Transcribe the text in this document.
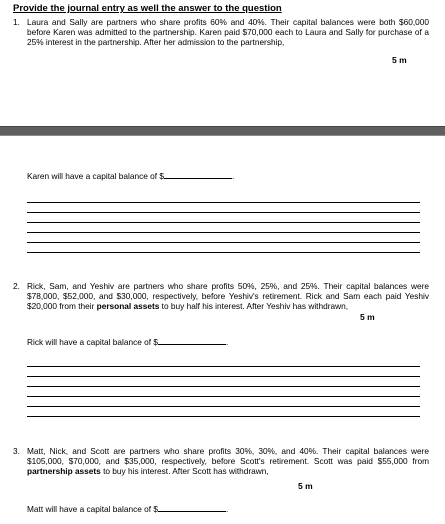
Provide the journal entry as well the answer to the question
1. Laura and Sally are partners who share profits 60% and 40%. Their capital balances were both $60,000 before Karen was admitted to the partnership. Karen paid $70,000 each to Laura and Sally for purchase of a 25% interest in the partnership. After her admission to the partnership,
5 m
Karen will have a capital balance of $	.
2. Rick, Sam, and Yeshiv are partners who share profits 50%, 25%, and 25%. Their capital balances were $78,000, $52,000, and $30,000, respectively, before Yeshiv's retirement. Rick and Sam each paid Yeshiv $20,000 from their personal assets to buy half his interest. After Yeshiv has withdrawn,
5 m
Rick will have a capital balance of $	.
3. Matt, Nick, and Scott are partners who share profits 30%, 30%, and 40%. Their capital balances were $105,000, $70,000, and $35,000, respectively, before Scott's retirement. Scott was paid $55,000 from partnership assets to buy his interest. After Scott has withdrawn,
5 m
Matt will have a capital balance of $	.
